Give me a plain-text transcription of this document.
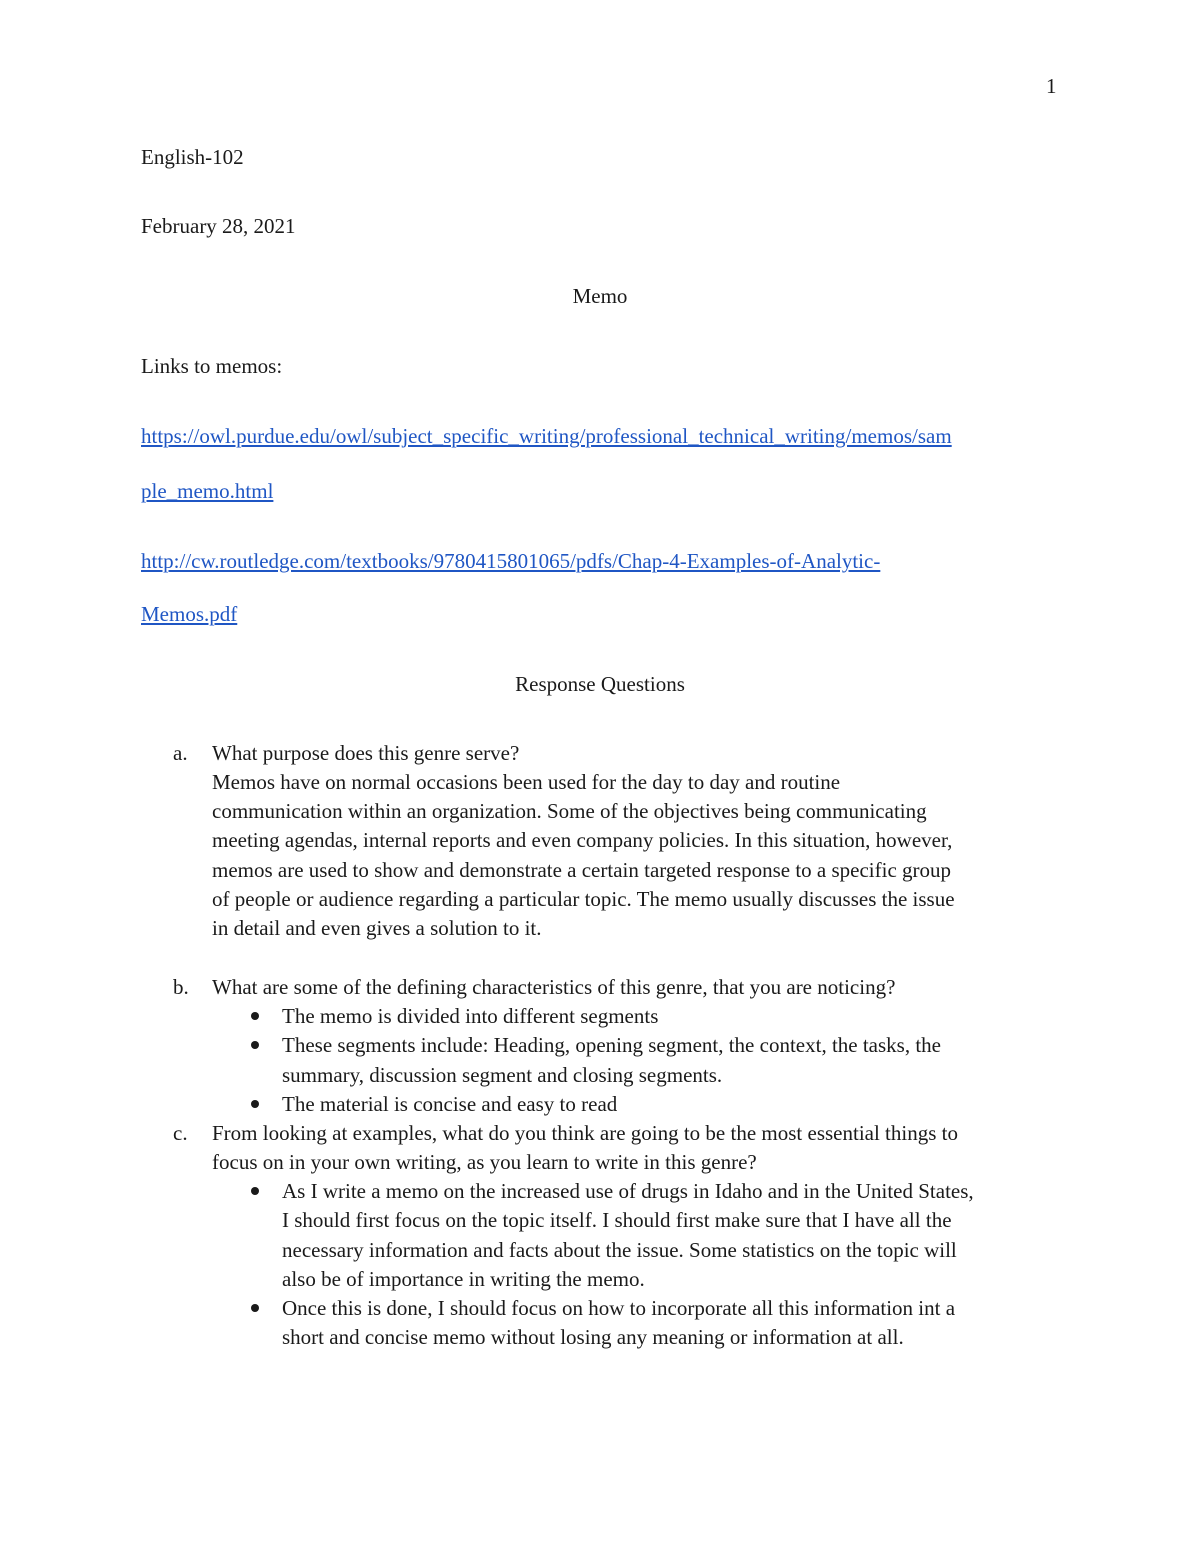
1
English-102
February 28, 2021
Memo
Links to memos:
https://owl.purdue.edu/owl/subject_specific_writing/professional_technical_writing/memos/sam
ple_memo.html
http://cw.routledge.com/textbooks/9780415801065/pdfs/Chap-4-Examples-of-Analytic-
Memos.pdf
Response Questions
a. What purpose does this genre serve?
Memos have on normal occasions been used for the day to day and routine
communication within an organization. Some of the objectives being communicating
meeting agendas, internal reports and even company policies. In this situation, however,
memos are used to show and demonstrate a certain targeted response to a specific group
of people or audience regarding a particular topic. The memo usually discusses the issue
in detail and even gives a solution to it.
b. What are some of the defining characteristics of this genre, that you are noticing?
The memo is divided into different segments
These segments include: Heading, opening segment, the context, the tasks, the
summary, discussion segment and closing segments.
The material is concise and easy to read
c. From looking at examples, what do you think are going to be the most essential things to
focus on in your own writing, as you learn to write in this genre?
As I write a memo on the increased use of drugs in Idaho and in the United States,
I should first focus on the topic itself. I should first make sure that I have all the
necessary information and facts about the issue. Some statistics on the topic will
also be of importance in writing the memo.
Once this is done, I should focus on how to incorporate all this information int a
short and concise memo without losing any meaning or information at all.
